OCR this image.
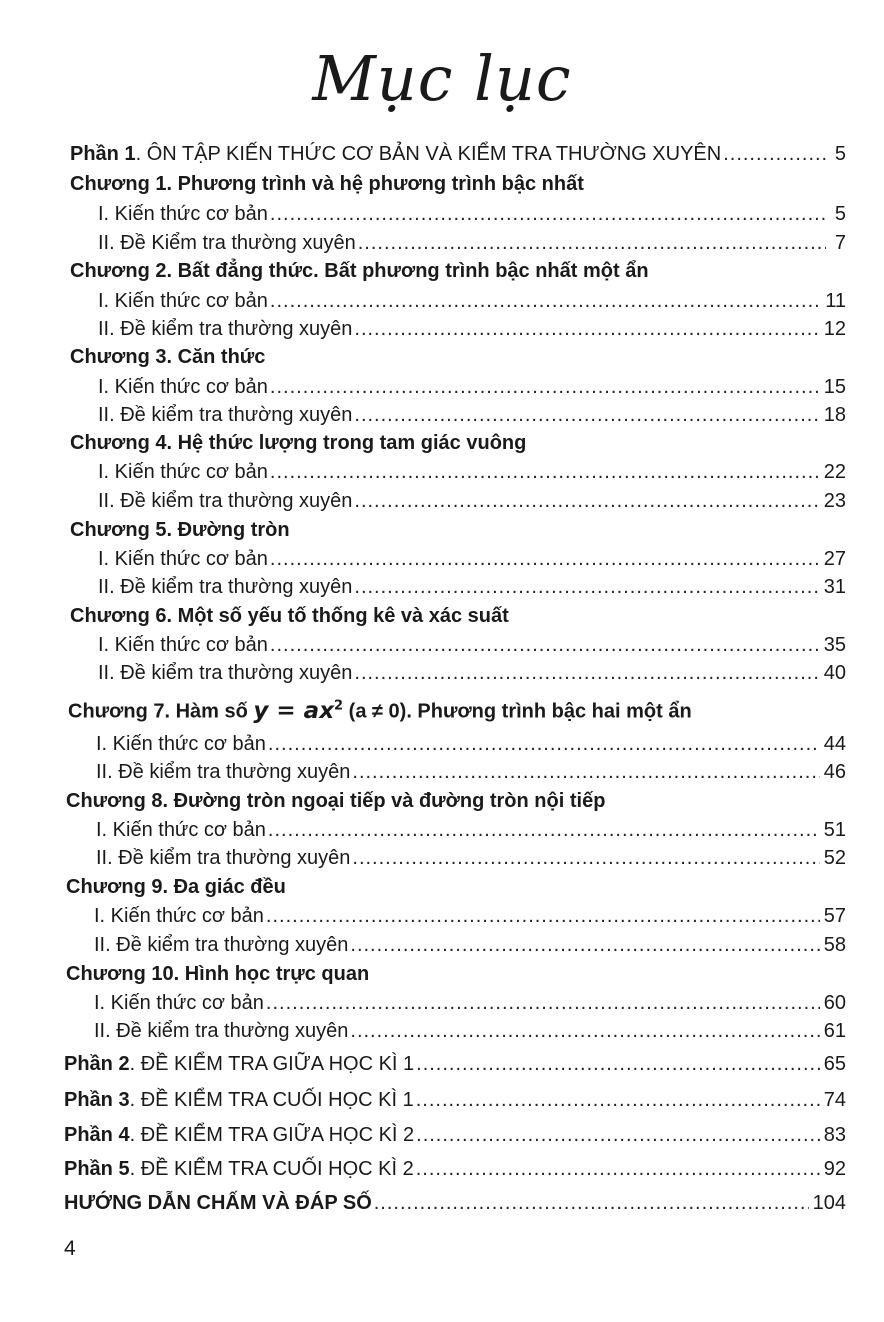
Mục lục
Phần 1. ÔN TẬP KIẾN THỨC CƠ BẢN VÀ KIỂM TRA THƯỜNG XUYÊN .....	5
Chương 1. Phương trình và hệ phương trình bậc nhất
I. Kiến thức cơ bản .....	5
II. Đề Kiểm tra thường xuyên .....	7
Chương 2. Bất đẳng thức. Bất phương trình bậc nhất một ẩn
I. Kiến thức cơ bản .....	11
II. Đề kiểm tra thường xuyên .....	12
Chương 3. Căn thức
I. Kiến thức cơ bản .....	15
II. Đề kiểm tra thường xuyên .....	18
Chương 4. Hệ thức lượng trong tam giác vuông
I. Kiến thức cơ bản .....	22
II. Đề kiểm tra thường xuyên .....	23
Chương 5. Đường tròn
I. Kiến thức cơ bản .....	27
II. Đề kiểm tra thường xuyên .....	31
Chương 6. Một số yếu tố thống kê và xác suất
I. Kiến thức cơ bản .....	35
II. Đề kiểm tra thường xuyên .....	40
Chương 7. Hàm số $y = ax^2$ (a ≠ 0). Phương trình bậc hai một ẩn
I. Kiến thức cơ bản .....	44
II. Đề kiểm tra thường xuyên .....	46
Chương 8. Đường tròn ngoại tiếp và đường tròn nội tiếp
I. Kiến thức cơ bản .....	51
II. Đề kiểm tra thường xuyên .....	52
Chương 9. Đa giác đều
I. Kiến thức cơ bản .....	57
II. Đề kiểm tra thường xuyên .....	58
Chương 10. Hình học trực quan
I. Kiến thức cơ bản .....	60
II. Đề kiểm tra thường xuyên .....	61
Phần 2. ĐỀ KIỂM TRA GIỮA HỌC KÌ 1 .....	65
Phần 3. ĐỀ KIỂM TRA CUỐI HỌC KÌ 1 .....	74
Phần 4. ĐỀ KIỂM TRA GIỮA HỌC KÌ 2 .....	83
Phần 5. ĐỀ KIỂM TRA CUỐI HỌC KÌ 2 .....	92
HƯỚNG DẪN CHẤM VÀ ĐÁP SỐ .....	104
4
